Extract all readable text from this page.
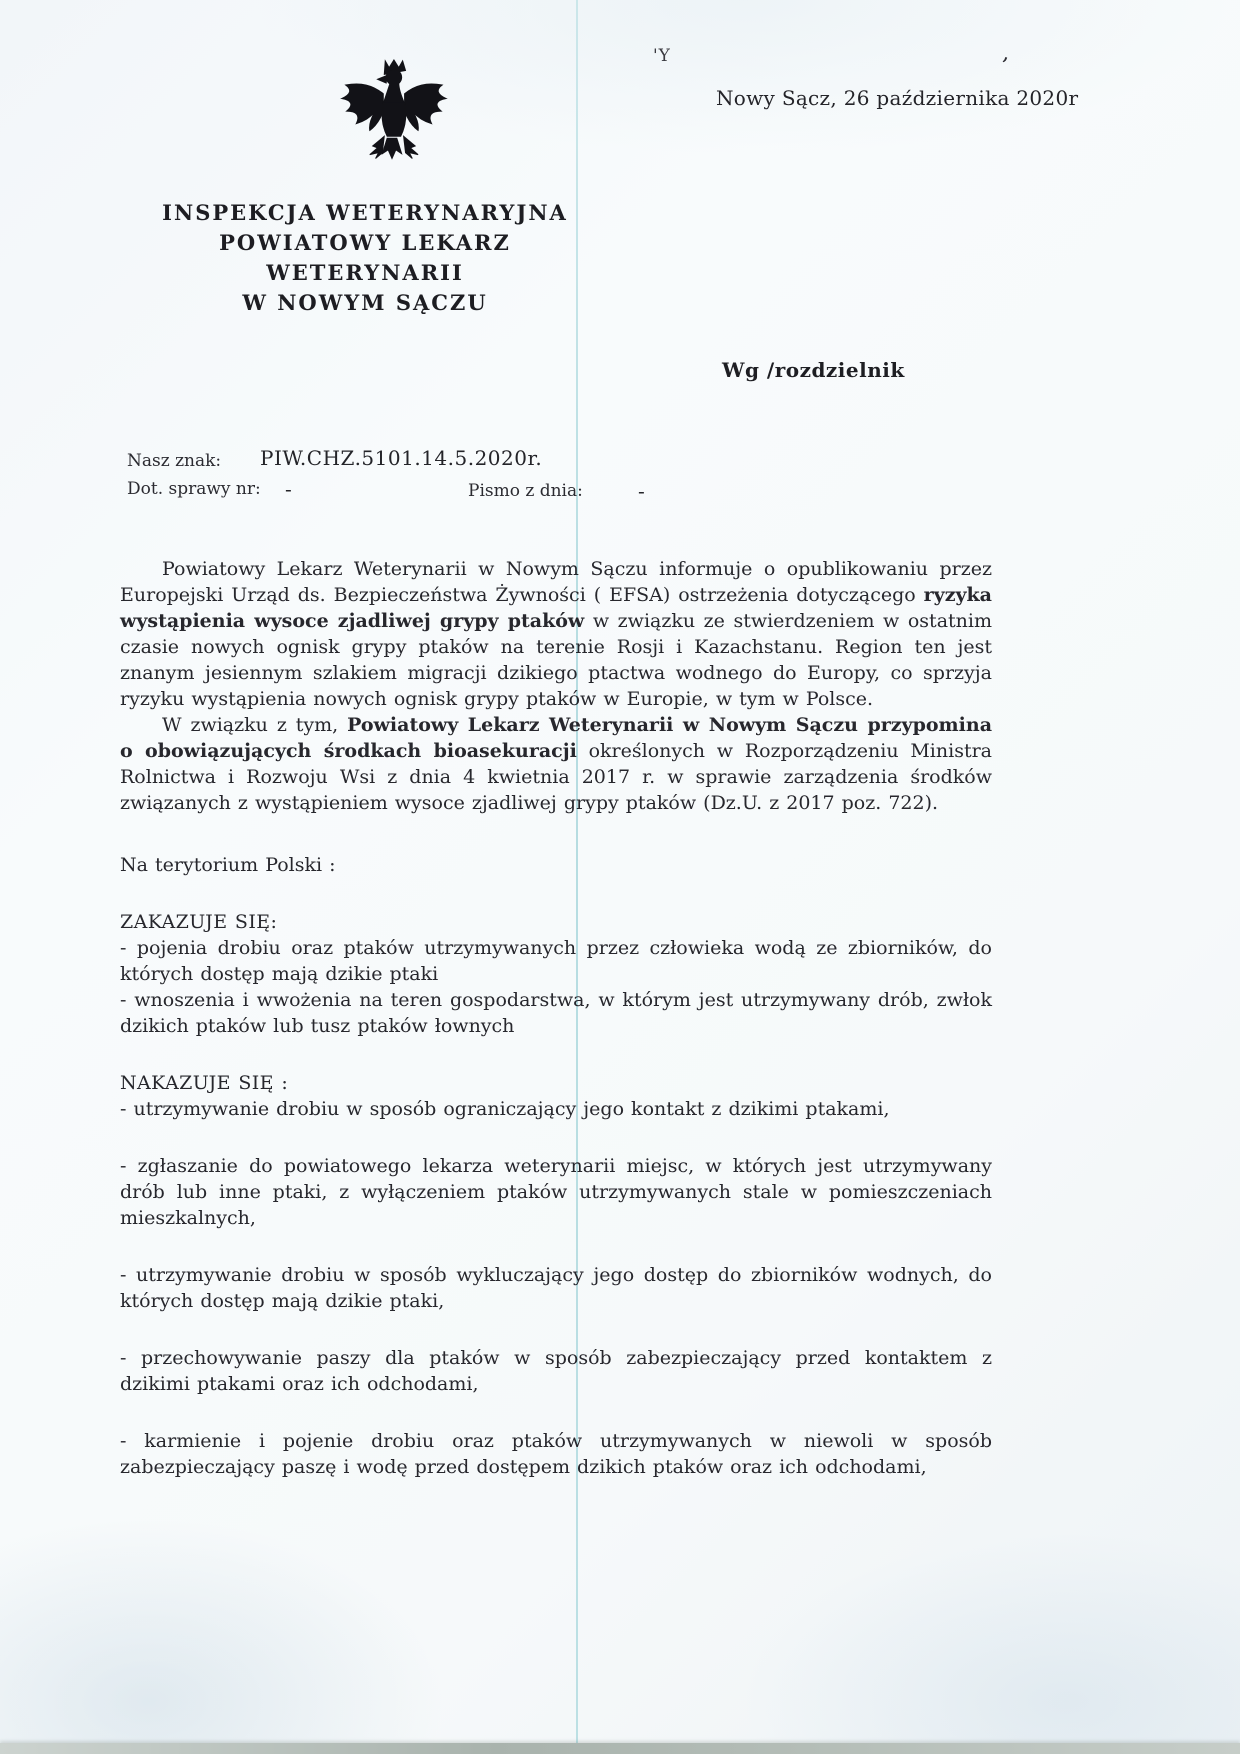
INSPEKCJA WETERYNARYJNA
POWIATOWY LEKARZ
WETERYNARII
W NOWYM SĄCZU
'Y	’
Nowy Sącz, 26 października 2020r
Wg /rozdzielnik
Nasz znak: PIW.CHZ.5101.14.5.2020r.
Dot. sprawy nr: -	Pismo z dnia:	-

Powiatowy Lekarz Weterynarii w Nowym Sączu informuje o opublikowaniu przez Europejski Urząd ds. Bezpieczeństwa Żywności ( EFSA) ostrzeżenia dotyczącego ryzyka wystąpienia wysoce zjadliwej grypy ptaków w związku ze stwierdzeniem w ostatnim czasie nowych ognisk grypy ptaków na terenie Rosji i Kazachstanu. Region ten jest znanym jesiennym szlakiem migracji dzikiego ptactwa wodnego do Europy, co sprzyja ryzyku wystąpienia nowych ognisk grypy ptaków w Europie, w tym w Polsce.

W związku z tym, Powiatowy Lekarz Weterynarii w Nowym Sączu przypomina o obowiązujących środkach bioasekuracji określonych w Rozporządzeniu Ministra Rolnictwa i Rozwoju Wsi z dnia 4 kwietnia 2017 r. w sprawie zarządzenia środków związanych z wystąpieniem wysoce zjadliwej grypy ptaków (Dz.U. z 2017 poz. 722).

Na terytorium Polski :

ZAKAZUJE SIĘ:

- pojenia drobiu oraz ptaków utrzymywanych przez człowieka wodą ze zbiorników, do których dostęp mają dzikie ptaki

- wnoszenia i wwożenia na teren gospodarstwa, w którym jest utrzymywany drób, zwłok dzikich ptaków lub tusz ptaków łownych

NAKAZUJE SIĘ :

- utrzymywanie drobiu w sposób ograniczający jego kontakt z dzikimi ptakami,

- zgłaszanie do powiatowego lekarza weterynarii miejsc, w których jest utrzymywany drób lub inne ptaki, z wyłączeniem ptaków utrzymywanych stale w pomieszczeniach mieszkalnych,

- utrzymywanie drobiu w sposób wykluczający jego dostęp do zbiorników wodnych, do których dostęp mają dzikie ptaki,

- przechowywanie paszy dla ptaków w sposób zabezpieczający przed kontaktem z dzikimi ptakami oraz ich odchodami,

- karmienie i pojenie drobiu oraz ptaków utrzymywanych w niewoli w sposób zabezpieczający paszę i wodę przed dostępem dzikich ptaków oraz ich odchodami,
